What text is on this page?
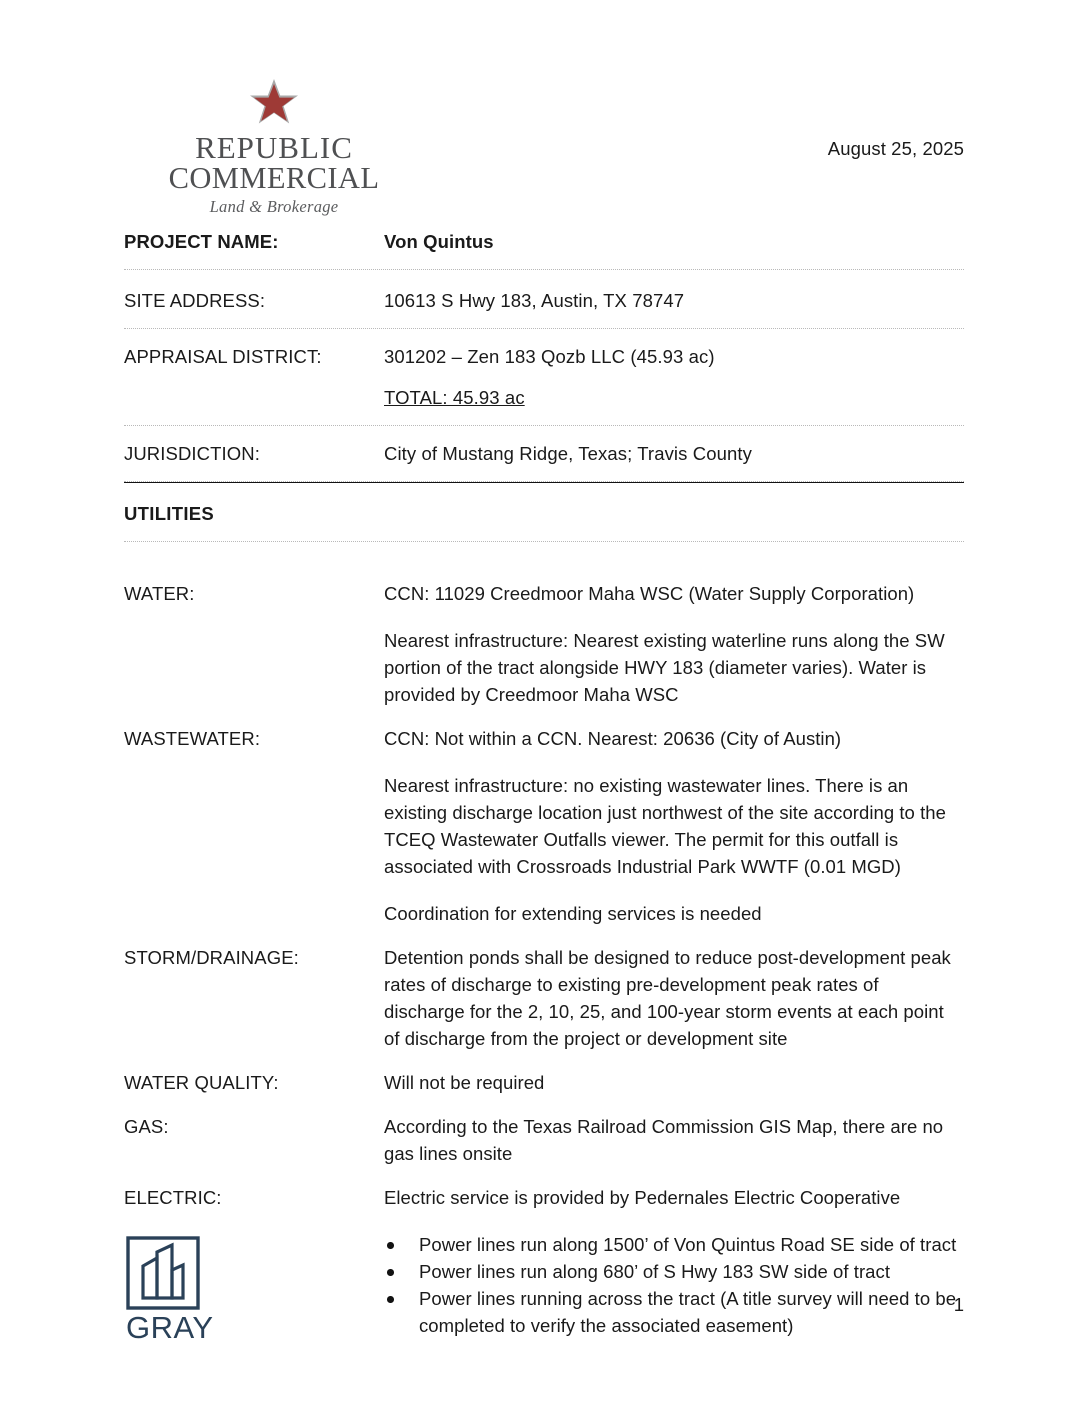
REPUBLIC
COMMERCIAL
Land & Brokerage
August 25, 2025
PROJECT NAME:	Von Quintus
SITE ADDRESS:	10613 S Hwy 183, Austin, TX 78747
APPRAISAL DISTRICT:	301202 – Zen 183 Qozb LLC (45.93 ac)
TOTAL: 45.93 ac
JURISDICTION:	City of Mustang Ridge, Texas; Travis County
UTILITIES
WATER:	CCN: 11029 Creedmoor Maha WSC (Water Supply Corporation)

Nearest infrastructure: Nearest existing waterline runs along the SW portion of the tract alongside HWY 183 (diameter varies). Water is provided by Creedmoor Maha WSC

WASTEWATER:	CCN: Not within a CCN. Nearest: 20636 (City of Austin)

Nearest infrastructure: no existing wastewater lines. There is an existing discharge location just northwest of the site according to the TCEQ Wastewater Outfalls viewer. The permit for this outfall is associated with Crossroads Industrial Park WWTF (0.01 MGD)

Coordination for extending services is needed

STORM/DRAINAGE:	Detention ponds shall be designed to reduce post-development peak rates of discharge to existing pre-development peak rates of discharge for the 2, 10, 25, and 100-year storm events at each point of discharge from the project or development site

WATER QUALITY:	Will not be required

GAS:	According to the Texas Railroad Commission GIS Map, there are no gas lines onsite

ELECTRIC:	Electric service is provided by Pedernales Electric Cooperative

Power lines run along 1500’ of Von Quintus Road SE side of tract
Power lines run along 680’ of S Hwy 183 SW side of tract
Power lines running across the tract (A title survey will need to be completed to verify the associated easement)
GRAY
1
